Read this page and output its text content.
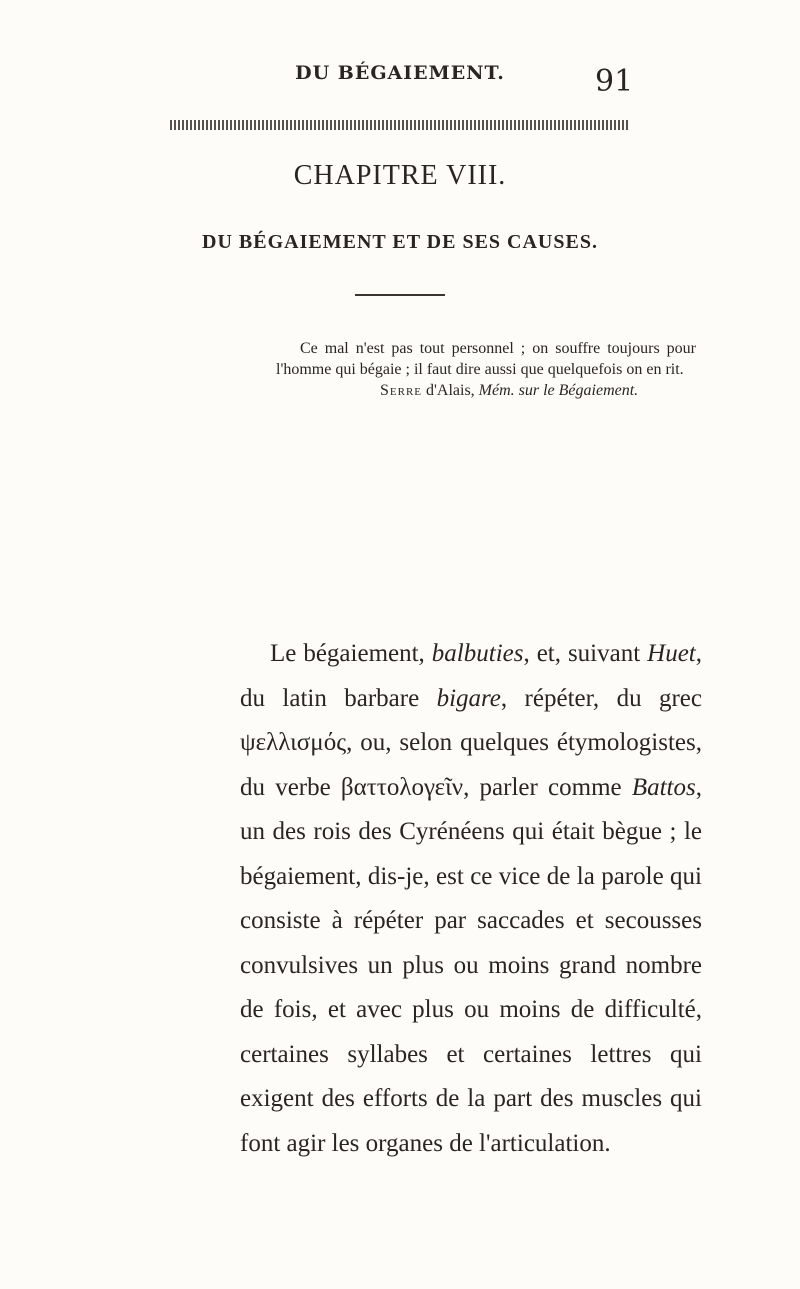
DU BÉGAIEMENT.	91
CHAPITRE VIII.
DU BÉGAIEMENT ET DE SES CAUSES.

Ce mal n'est pas tout personnel ; on souffre toujours pour l'homme qui bégaie ; il faut dire aussi que quelquefois on en rit.

Serre d'Alais, Mém. sur le Bégaiement.

Le bégaiement, balbuties, et, suivant Huet, du latin barbare bigare, répéter, du grec ψελλισμός, ou, selon quelques étymologistes, du verbe βαττολογεῖν, parler comme Battos, un des rois des Cyrénéens qui était bègue ; le bégaiement, dis-je, est ce vice de la parole qui consiste à répéter par saccades et secousses convulsives un plus ou moins grand nombre de fois, et avec plus ou moins de difficulté, certaines syllabes et certaines lettres qui exigent des efforts de la part des muscles qui font agir les organes de l'articulation.
